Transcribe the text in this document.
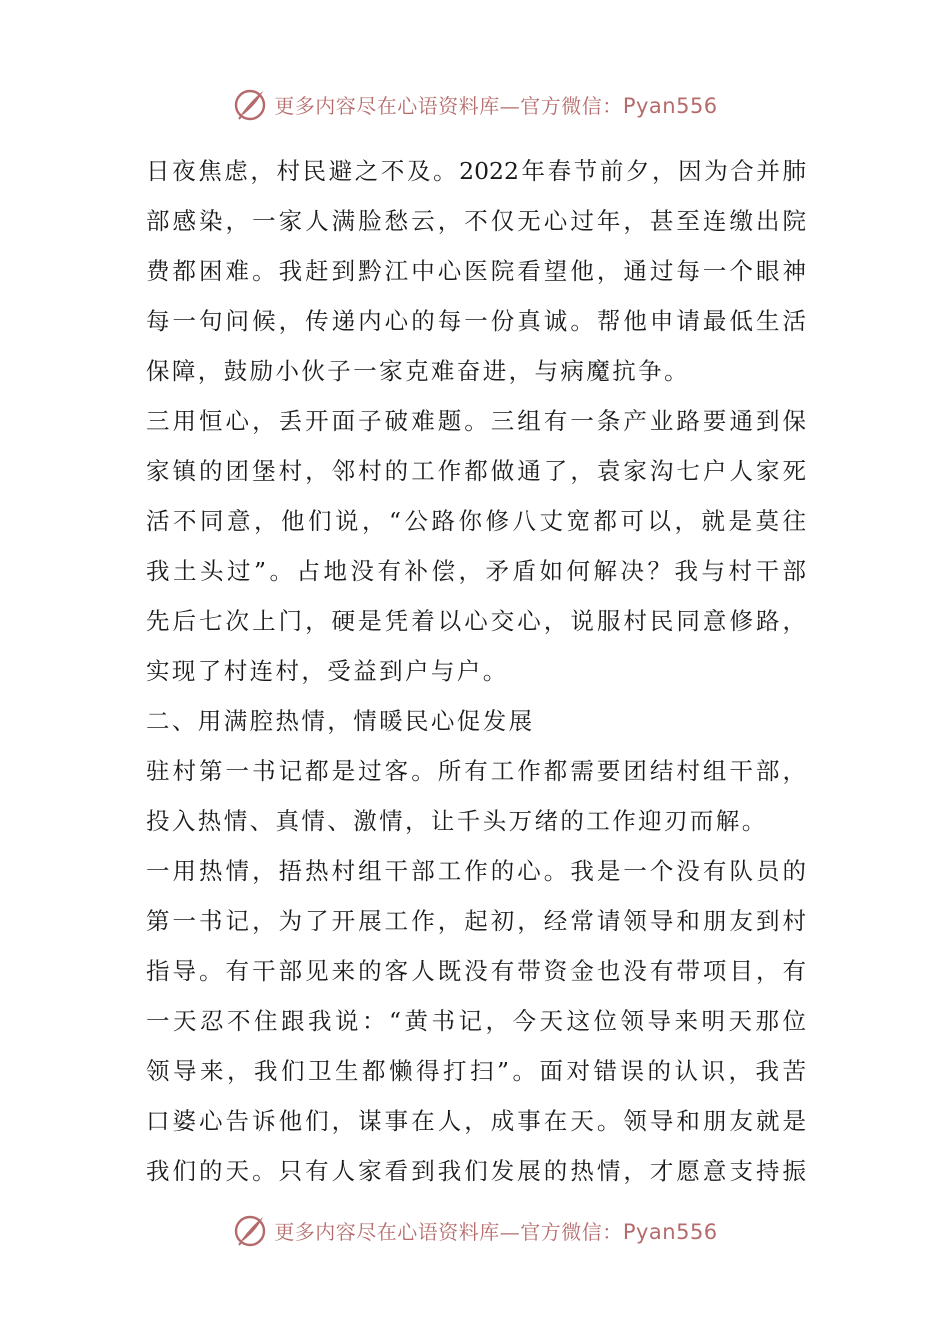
更多内容尽在心语资料库—官方微信：Pyan556
日夜焦虑，村民避之不及。2022年春节前夕，因为合并肺
部感染，一家人满脸愁云，不仅无心过年，甚至连缴出院
费都困难。我赶到黔江中心医院看望他，通过每一个眼神
每一句问候，传递内心的每一份真诚。帮他申请最低生活
保障，鼓励小伙子一家克难奋进，与病魔抗争。
三用恒心，丢开面子破难题。三组有一条产业路要通到保
家镇的团堡村，邻村的工作都做通了，袁家沟七户人家死
活不同意，他们说，“公路你修八丈宽都可以，就是莫往
我土头过”。占地没有补偿，矛盾如何解决？我与村干部
先后七次上门，硬是凭着以心交心，说服村民同意修路，
实现了村连村，受益到户与户。
二、用满腔热情，情暖民心促发展
驻村第一书记都是过客。所有工作都需要团结村组干部，
投入热情、真情、激情，让千头万绪的工作迎刃而解。
一用热情，捂热村组干部工作的心。我是一个没有队员的
第一书记，为了开展工作，起初，经常请领导和朋友到村
指导。有干部见来的客人既没有带资金也没有带项目，有
一天忍不住跟我说：“黄书记，今天这位领导来明天那位
领导来，我们卫生都懒得打扫”。面对错误的认识，我苦
口婆心告诉他们，谋事在人，成事在天。领导和朋友就是
我们的天。只有人家看到我们发展的热情，才愿意支持振
更多内容尽在心语资料库—官方微信：Pyan556
